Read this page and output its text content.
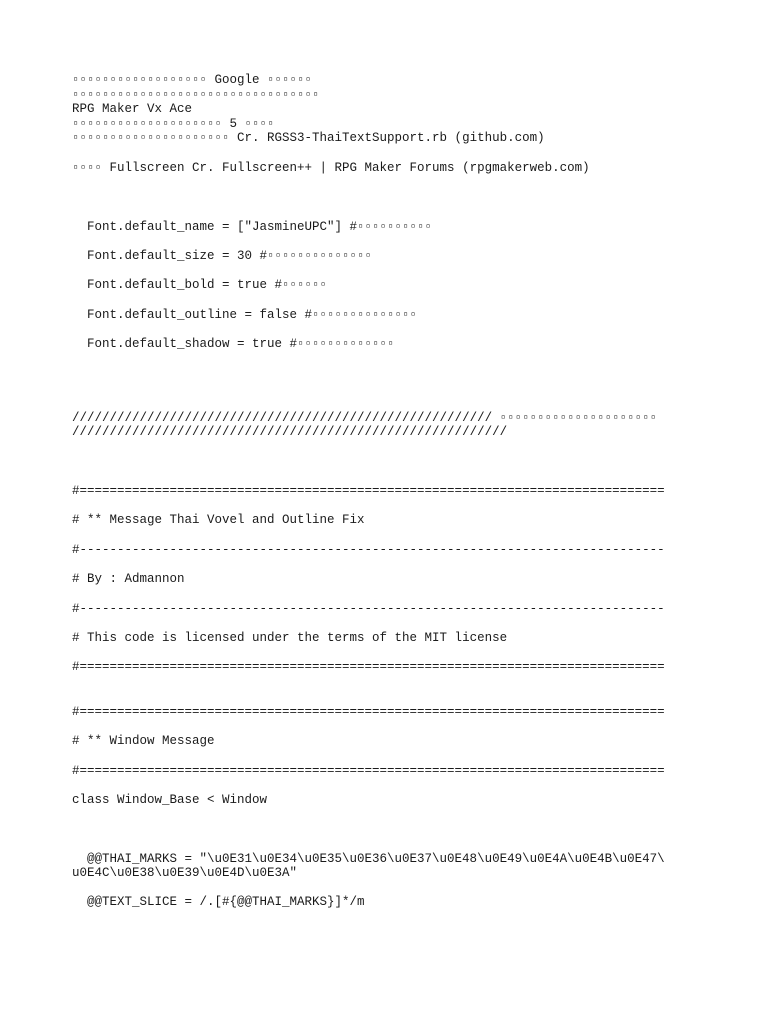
▫▫▫▫▫▫▫▫▫▫▫▫▫▫▫▫▫▫ Google ▫▫▫▫▫▫
▫▫▫▫▫▫▫▫▫▫▫▫▫▫▫▫▫▫▫▫▫▫▫▫▫▫▫▫▫▫▫▫▫
RPG Maker Vx Ace
▫▫▫▫▫▫▫▫▫▫▫▫▫▫▫▫▫▫▫▫ 5 ▫▫▫▫
▫▫▫▫▫▫▫▫▫▫▫▫▫▫▫▫▫▫▫▫▫ Cr. RGSS3-ThaiTextSupport.rb (github.com)
▫▫▫▫ Fullscreen Cr. Fullscreen++ | RPG Maker Forums (rpgmakerweb.com)
Font.default_name = ["JasmineUPC"] #▫▫▫▫▫▫▫▫▫▫
Font.default_size = 30 #▫▫▫▫▫▫▫▫▫▫▫▫▫▫
Font.default_bold = true #▫▫▫▫▫▫
Font.default_outline = false #▫▫▫▫▫▫▫▫▫▫▫▫▫▫
Font.default_shadow = true #▫▫▫▫▫▫▫▫▫▫▫▫▫
//////////////////////////////////////////////////////// ▫▫▫▫▫▫▫▫▫▫▫▫▫▫▫▫▫▫▫▫▫
//////////////////////////////////////////////////////////
#==============================================================================
# ** Message Thai Vovel and Outline Fix
#------------------------------------------------------------------------------
# By : Admannon
#------------------------------------------------------------------------------
# This code is licensed under the terms of the MIT license
#==============================================================================
#==============================================================================
# ** Window Message
#==============================================================================
class Window_Base < Window
@@THAI_MARKS = "\u0E31\u0E34\u0E35\u0E36\u0E37\u0E48\u0E49\u0E4A\u0E4B\u0E47\
u0E4C\u0E38\u0E39\u0E4D\u0E3A"
@@TEXT_SLICE = /.[#{@@THAI_MARKS}]*/m
